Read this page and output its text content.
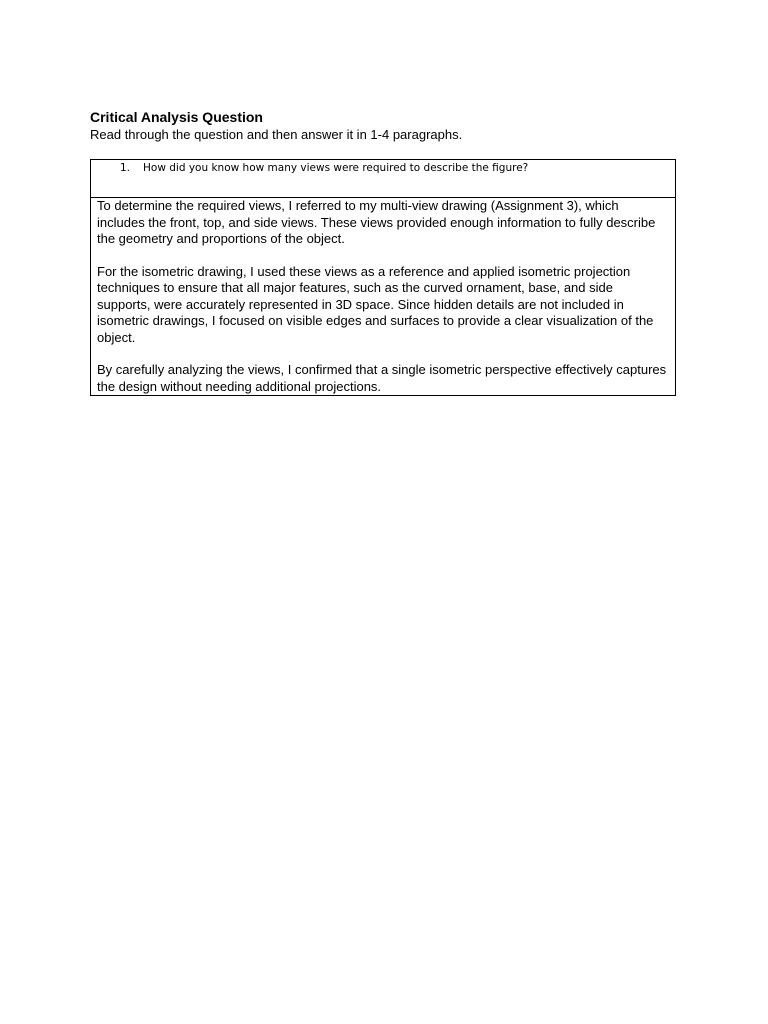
Critical Analysis Question
Read through the question and then answer it in 1-4 paragraphs.
1. How did you know how many views were required to describe the figure?

To determine the required views, I referred to my multi-view drawing (Assignment 3), which includes the front, top, and side views. These views provided enough information to fully describe the geometry and proportions of the object.

For the isometric drawing, I used these views as a reference and applied isometric projection techniques to ensure that all major features, such as the curved ornament, base, and side supports, were accurately represented in 3D space. Since hidden details are not included in isometric drawings, I focused on visible edges and surfaces to provide a clear visualization of the object.

By carefully analyzing the views, I confirmed that a single isometric perspective effectively captures the design without needing additional projections.
